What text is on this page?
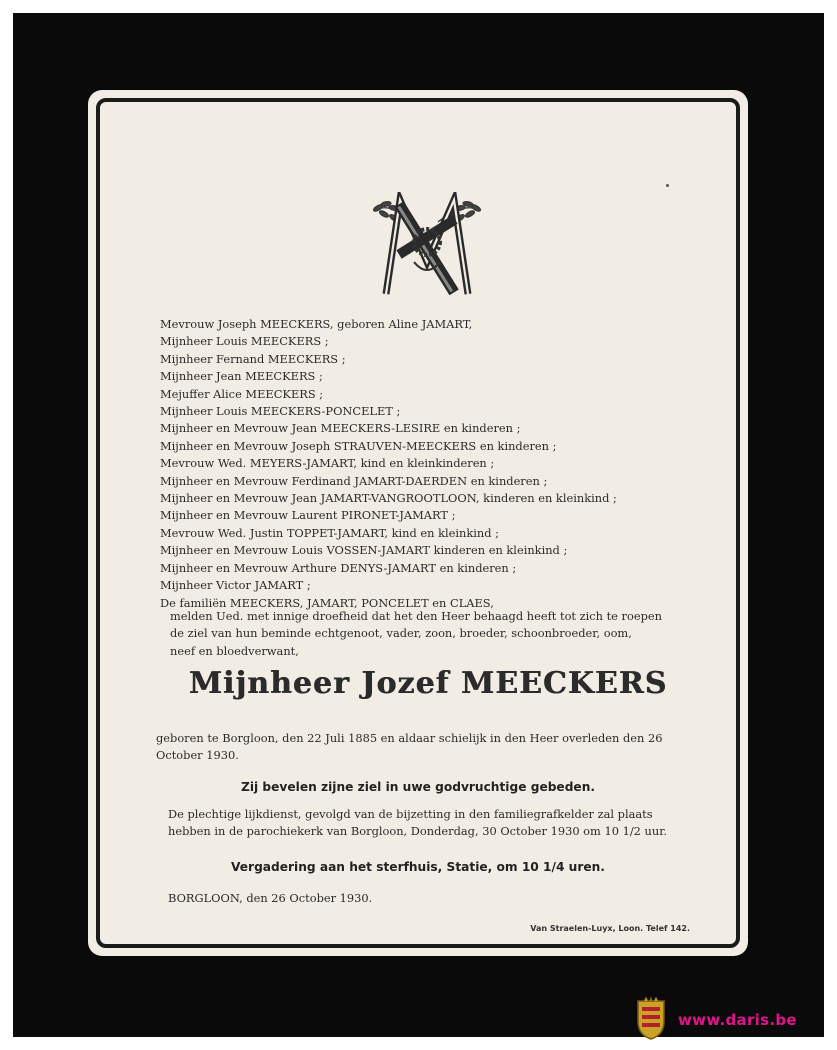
Mevrouw Joseph MEECKERS, geboren Aline JAMART,
Mijnheer Louis MEECKERS ;
Mijnheer Fernand MEECKERS ;
Mijnheer Jean MEECKERS ;
Mejuffer Alice MEECKERS ;
Mijnheer Louis MEECKERS-PONCELET ;
Mijnheer en Mevrouw Jean MEECKERS-LESIRE en kinderen ;
Mijnheer en Mevrouw Joseph STRAUVEN-MEECKERS en kinderen ;
Mevrouw Wed. MEYERS-JAMART, kind en kleinkinderen ;
Mijnheer en Mevrouw Ferdinand JAMART-DAERDEN en kinderen ;
Mijnheer en Mevrouw Jean JAMART-VANGROOTLOON, kinderen en kleinkind ;
Mijnheer en Mevrouw Laurent PIRONET-JAMART ;
Mevrouw Wed. Justin TOPPET-JAMART, kind en kleinkind ;
Mijnheer en Mevrouw Louis VOSSEN-JAMART kinderen en kleinkind ;
Mijnheer en Mevrouw Arthure DENYS-JAMART en kinderen ;
Mijnheer Victor JAMART ;
De familiën MEECKERS, JAMART, PONCELET en CLAES,
melden Ued. met innige droefheid dat het den Heer behaagd heeft tot zich te roepen
de ziel van hun beminde echtgenoot, vader, zoon, broeder, schoonbroeder, oom,
neef en bloedverwant,
Mijnheer Jozef MEECKERS
geboren te Borgloon, den 22 Juli 1885 en aldaar schielijk in den Heer overleden den 26
October 1930.
Zij bevelen zijne ziel in uwe godvruchtige gebeden.
De plechtige lijkdienst, gevolgd van de bijzetting in den familiegrafkelder zal plaats
hebben in de parochiekerk van Borgloon, Donderdag, 30 October 1930 om 10 1/2 uur.
Vergadering aan het sterfhuis, Statie, om 10 1/4 uren.
BORGLOON, den 26 October 1930.
Van Straelen-Luyx, Loon. Telef 142.
www.daris.be
